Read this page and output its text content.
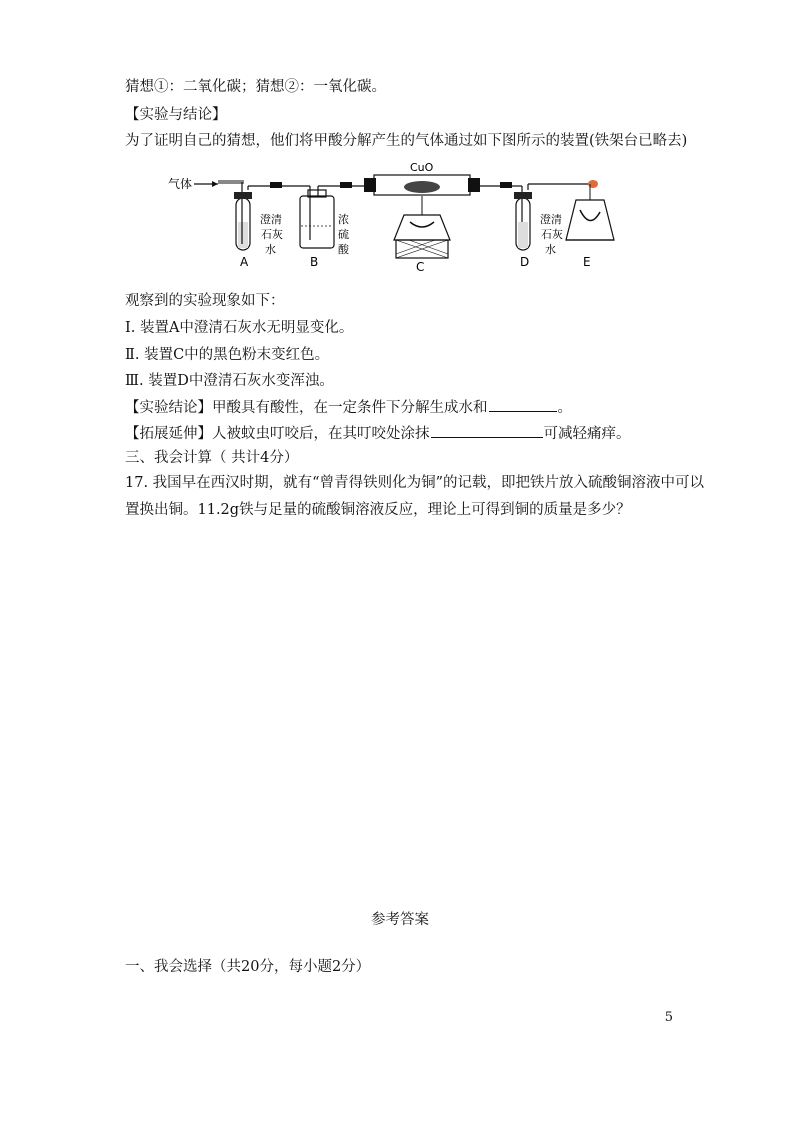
猜想①：二氧化碳；猜想②：一氧化碳。
【实验与结论】
为了证明自己的猜想，他们将甲酸分解产生的气体通过如下图所示的装置(铁架台已略去)
气体
澄清
石灰
水
A
浓
硫
酸
B
CuO
C
澄清
石灰
水
D	E
观察到的实验现象如下：
Ⅰ. 装置A中澄清石灰水无明显变化。
Ⅱ. 装置C中的黑色粉末变红色。
Ⅲ. 装置D中澄清石灰水变浑浊。
【实验结论】甲酸具有酸性，在一定条件下分解生成水和	。
【拓展延伸】人被蚊虫叮咬后，在其叮咬处涂抹	可减轻痛痒。
三、我会计算（ 共计4分）
17. 我国早在西汉时期，就有“曾青得铁则化为铜”的记载，即把铁片放入硫酸铜溶液中可以
置换出铜。11.2g铁与足量的硫酸铜溶液反应，理论上可得到铜的质量是多少？
参考答案
一、我会选择（共20分，每小题2分）
5
